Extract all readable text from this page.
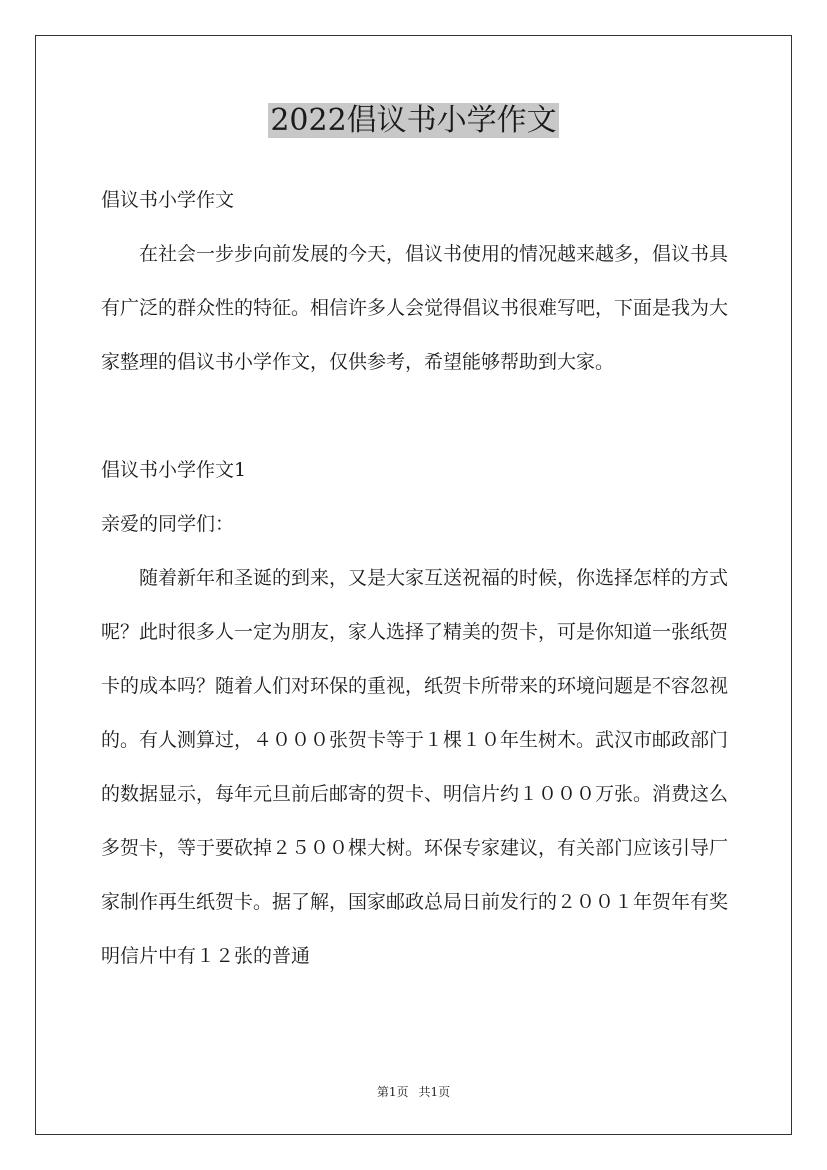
2022倡议书小学作文

倡议书小学作文

在社会一步步向前发展的今天，倡议书使用的情况越来越多，倡议书具有广泛的群众性的特征。相信许多人会觉得倡议书很难写吧，下面是我为大家整理的倡议书小学作文，仅供参考，希望能够帮助到大家。

倡议书小学作文1

亲爱的同学们：

随着新年和圣诞的到来，又是大家互送祝福的时候，你选择怎样的方式呢？此时很多人一定为朋友，家人选择了精美的贺卡，可是你知道一张纸贺卡的成本吗？随着人们对环保的重视，纸贺卡所带来的环境问题是不容忽视的。有人测算过，４０００张贺卡等于１棵１０年生树木。武汉市邮政部门的数据显示，每年元旦前后邮寄的贺卡、明信片约１０００万张。消费这么多贺卡，等于要砍掉２５００棵大树。环保专家建议，有关部门应该引导厂家制作再生纸贺卡。据了解，国家邮政总局日前发行的２００１年贺年有奖明信片中有１２张的普通

第1页 共1页
